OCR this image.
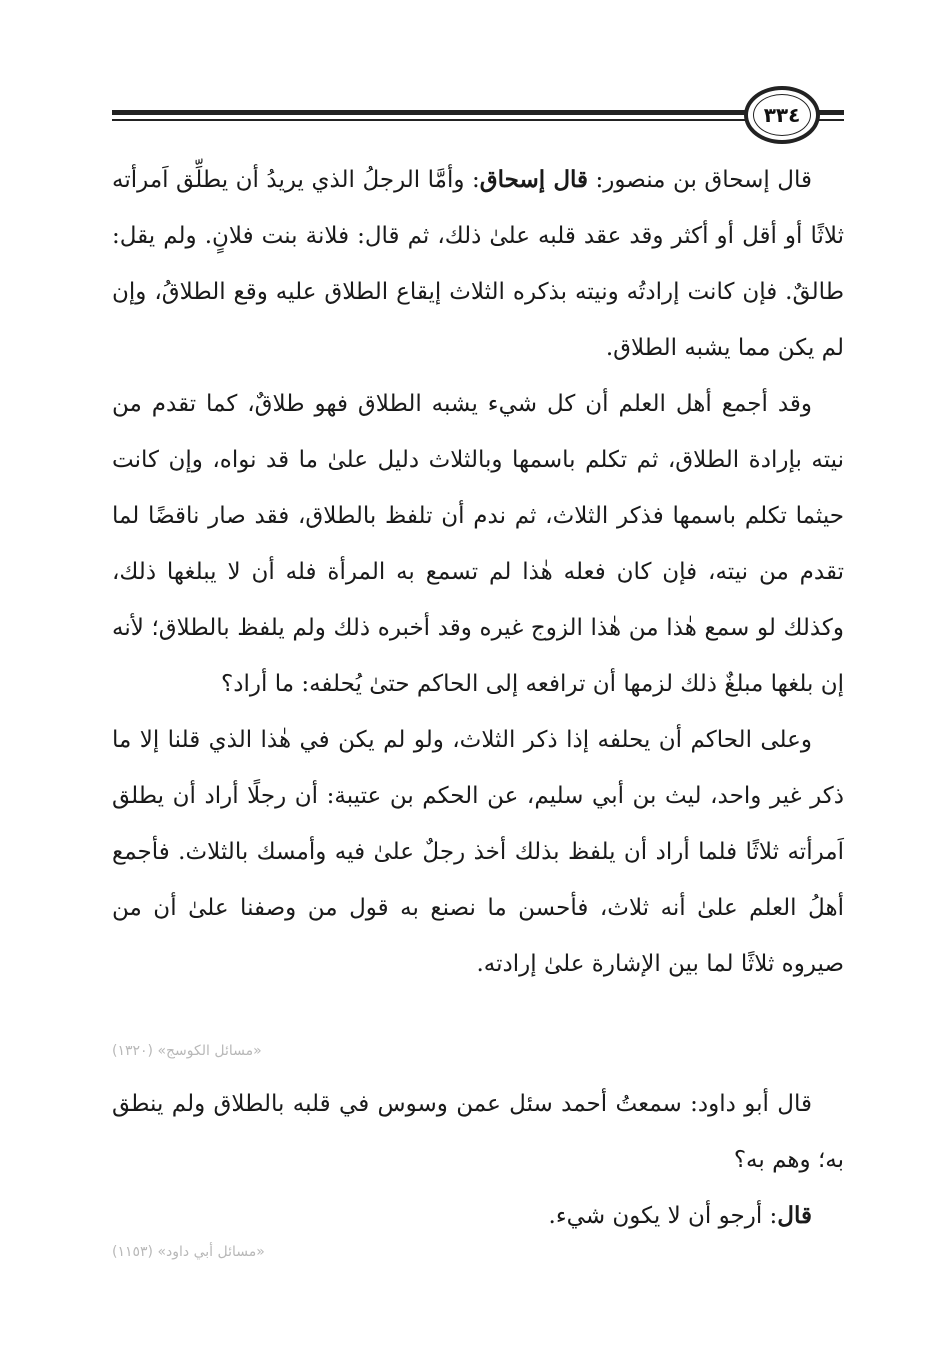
٣٣٤

قال إسحاق بن منصور: قال إسحاق: وأمَّا الرجلُ الذي يريدُ أن يطلِّق اَمرأته ثلاثًا أو أقل أو أكثر وقد عقد قلبه علىٰ ذلك، ثم قال: فلانة بنت فلانٍ. ولم يقل: طالقٌ. فإن كانت إرادتُه ونيته بذكره الثلاث إيقاع الطلاق عليه وقع الطلاقُ، وإن لم يكن مما يشبه الطلاق.

وقد أجمع أهل العلم أن كل شيء يشبه الطلاق فهو طلاقٌ، كما تقدم من نيته بإرادة الطلاق، ثم تكلم باسمها وبالثلاث دليل علىٰ ما قد نواه، وإن كانت حيثما تكلم باسمها فذكر الثلاث، ثم ندم أن تلفظ بالطلاق، فقد صار ناقضًا لما تقدم من نيته، فإن كان فعله هٰذا لم تسمع به المرأة فله أن لا يبلغها ذلك، وكذلك لو سمع هٰذا من هٰذا الزوج غيره وقد أخبره ذلك ولم يلفظ بالطلاق؛ لأنه إن بلغها مبلغٌ ذلك لزمها أن ترافعه إلى الحاكم حتىٰ يُحلفه: ما أراد؟

وعلى الحاكم أن يحلفه إذا ذكر الثلاث، ولو لم يكن في هٰذا الذي قلنا إلا ما ذكر غير واحد، ليث بن أبي سليم، عن الحكم بن عتيبة: أن رجلًا أراد أن يطلق اَمرأته ثلاثًا فلما أراد أن يلفظ بذلك أخذ رجلٌ علىٰ فيه وأمسك بالثلاث. فأجمع أهلُ العلم علىٰ أنه ثلاث، فأحسن ما نصنع به قول من وصفنا علىٰ أن من صيروه ثلاثًا لما بين الإشارة علىٰ إرادته.

«مسائل الكوسج» (١٣٢٠)

قال أبو داود: سمعتُ أحمد سئل عمن وسوس في قلبه بالطلاق ولم ينطق به؛ وهم به؟

قال: أرجو أن لا يكون شيء.

«مسائل أبي داود» (١١٥٣)
